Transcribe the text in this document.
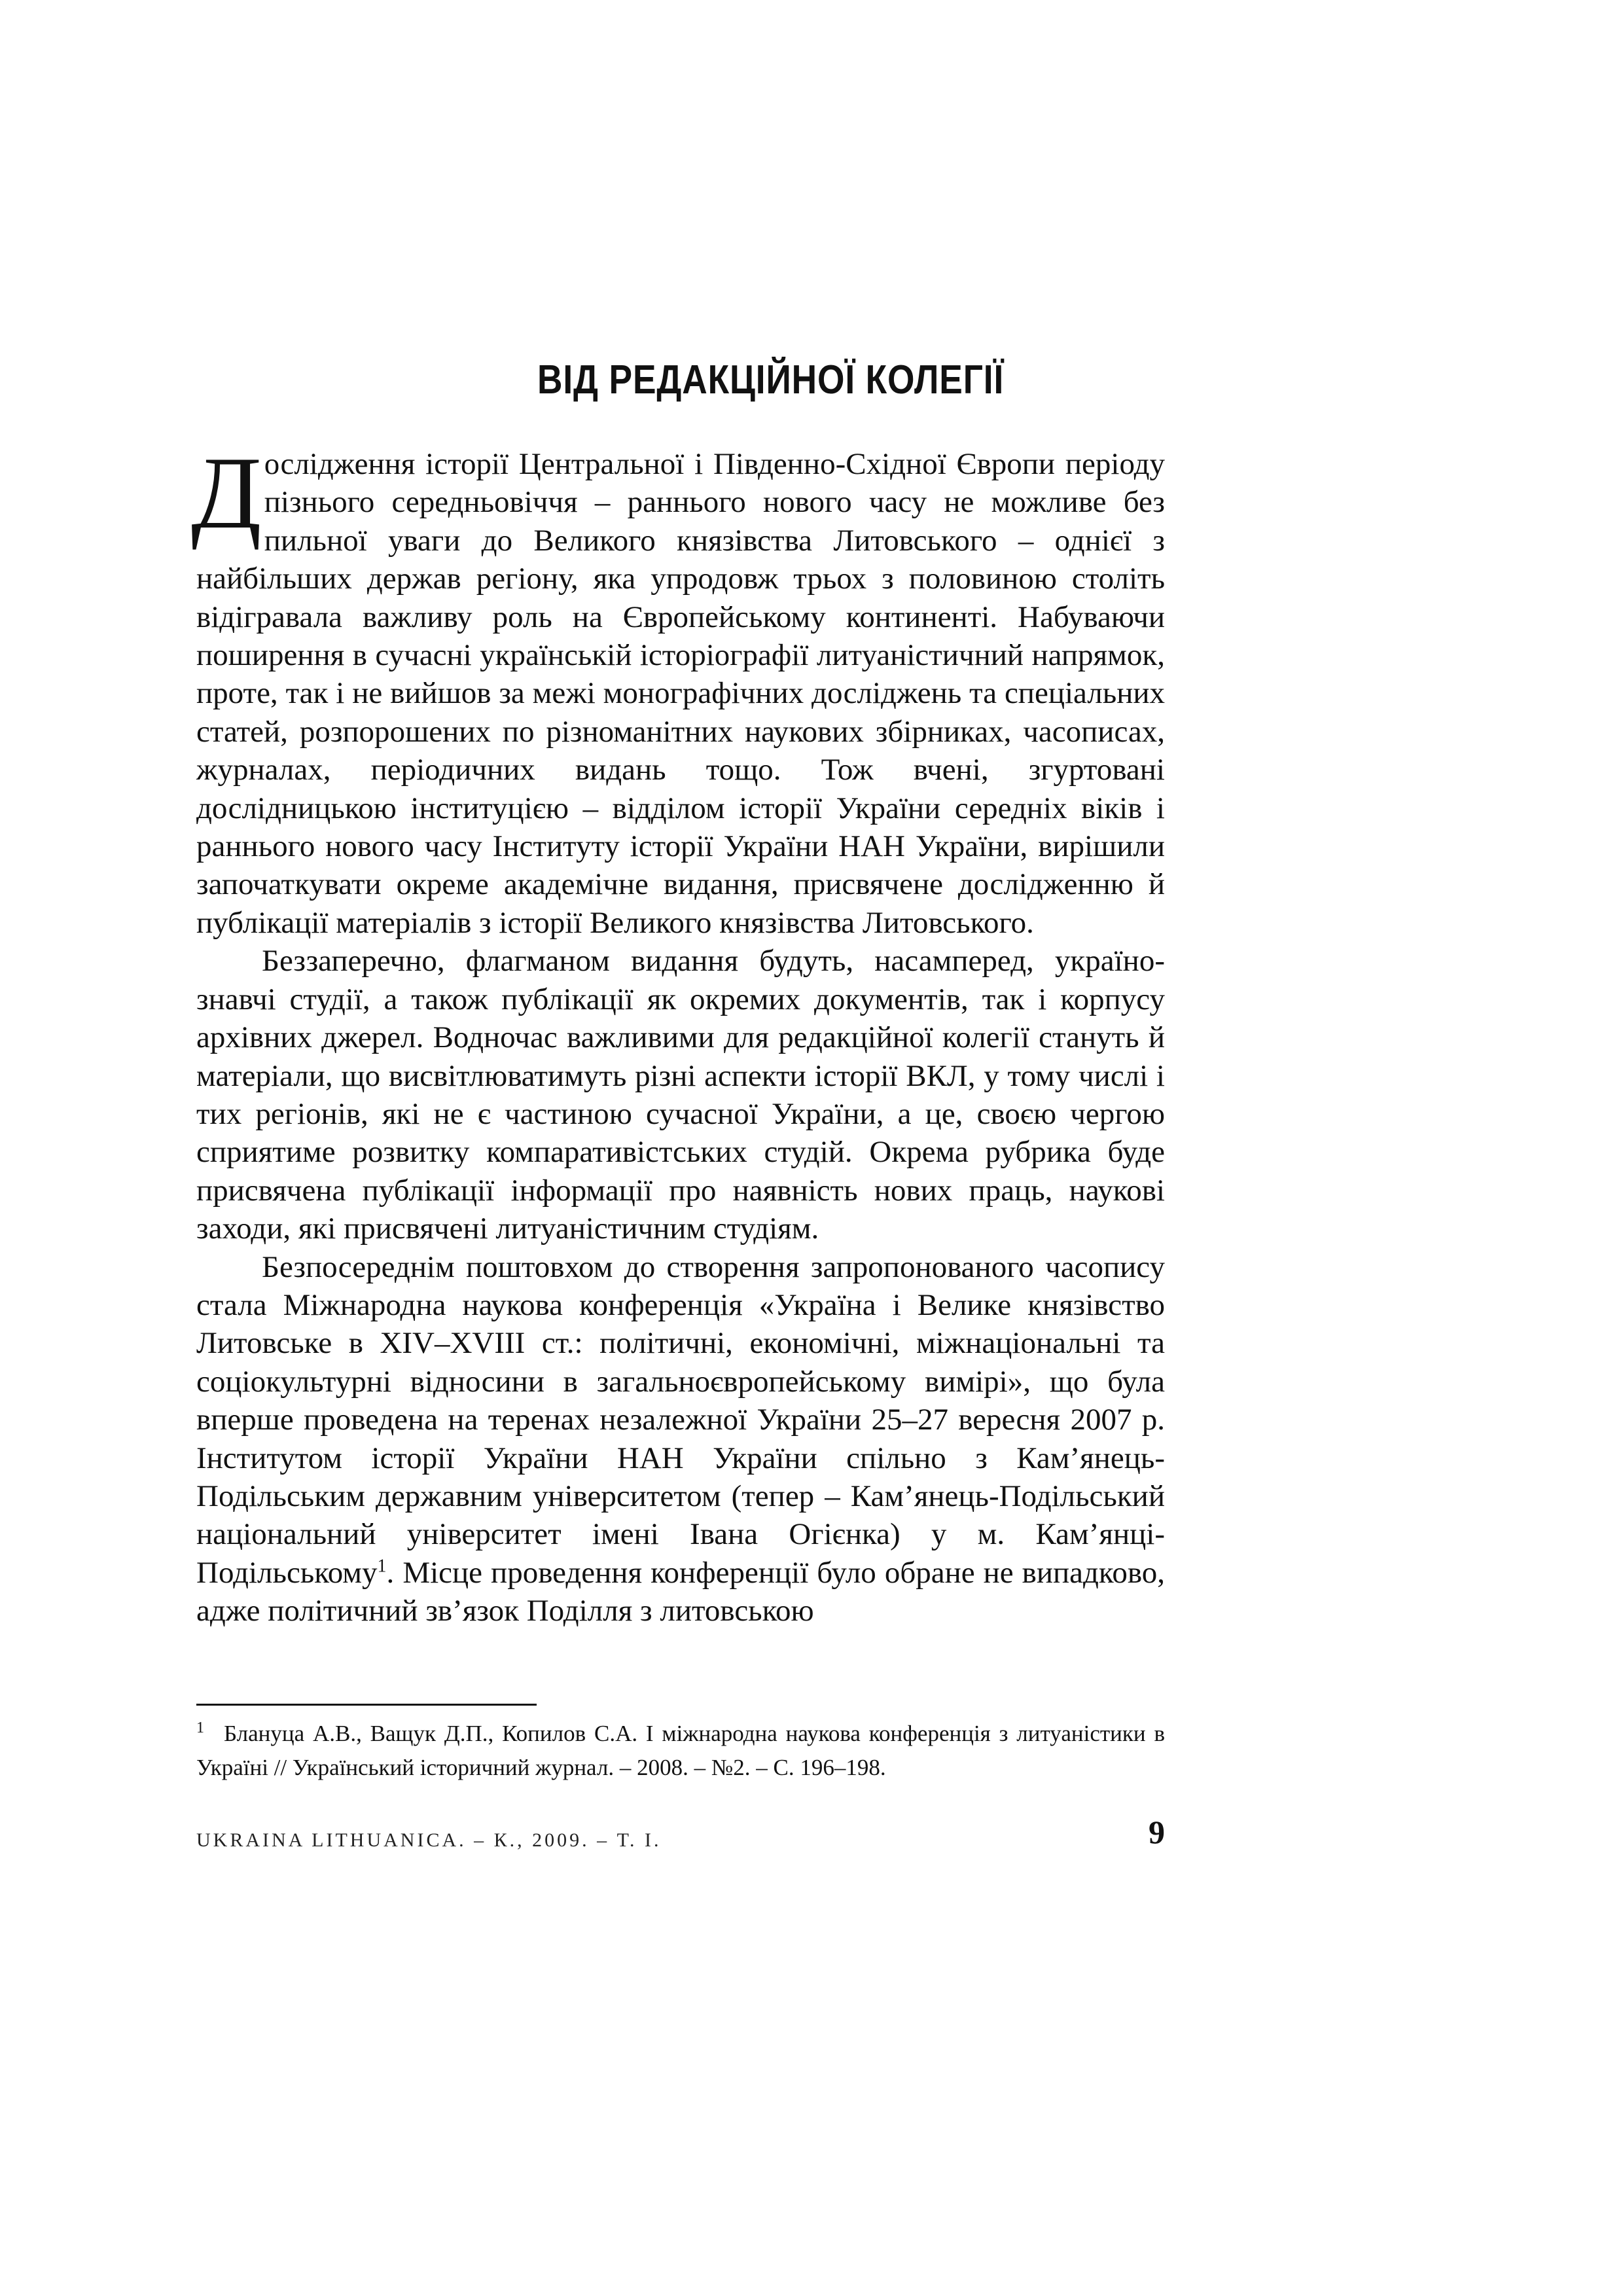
ВІД РЕДАКЦІЙНОЇ КОЛЕГІЇ

Дослідження історії Центральної і Південно-Східної Європи періоду пізнього середньовіччя – раннього нового часу не можливе без пильної уваги до Великого князівства Литовського – однієї з найбільших держав регіону, яка упродовж трьох з половиною століть відігравала важливу роль на Європейському континенті. Набуваючи поширення в сучасні українській історіографії литуаністичний напрямок, проте, так і не вийшов за межі монографічних досліджень та спеціальних статей, розпорошених по різноманітних наукових збірниках, часописах, журналах, періодичних видань тощо. Тож вчені, згуртовані дослідницькою інституцією – відділом історії України середніх віків і раннього нового часу Інституту історії України НАН України, вирішили започаткувати окреме академічне видання, присвячене дослідженню й публікації матеріалів з історії Великого князівства Литовського.

Беззаперечно, флагманом видання будуть, насамперед, україно-знавчі студії, а також публікації як окремих документів, так і корпусу архівних джерел. Водночас важливими для редакційної колегії стануть й матеріали, що висвітлюватимуть різні аспекти історії ВКЛ, у тому числі і тих регіонів, які не є частиною сучасної України, а це, своєю чергою сприятиме розвитку компаративістських студій. Окрема рубрика буде присвячена публікації інформації про наявність нових праць, наукові заходи, які присвячені литуаністичним студіям.

Безпосереднім поштовхом до створення запропонованого часопису стала Міжнародна наукова конференція «Україна і Велике князівство Литовське в XIV–XVIII ст.: політичні, економічні, міжнаціональні та соціокультурні відносини в загальноєвропейському вимірі», що була вперше проведена на теренах незалежної України 25–27 вересня 2007 р. Інститутом історії України НАН України спільно з Кам’янець-Подільським державним університетом (тепер – Кам’янець-Подільський національний університет імені Івана Огієнка) у м. Кам’янці-Подільському$^1$. Місце проведення конференції було обране не випадково, адже політичний зв’язок Поділля з литовською

1 Блануца А.В., Ващук Д.П., Копилов С.А. І міжнародна наукова конференція з литуаністики в Україні // Український історичний журнал. – 2008. – №2. – С. 196–198.
UKRAINA LITHUANICA. – К., 2009. – Т. І.	9
